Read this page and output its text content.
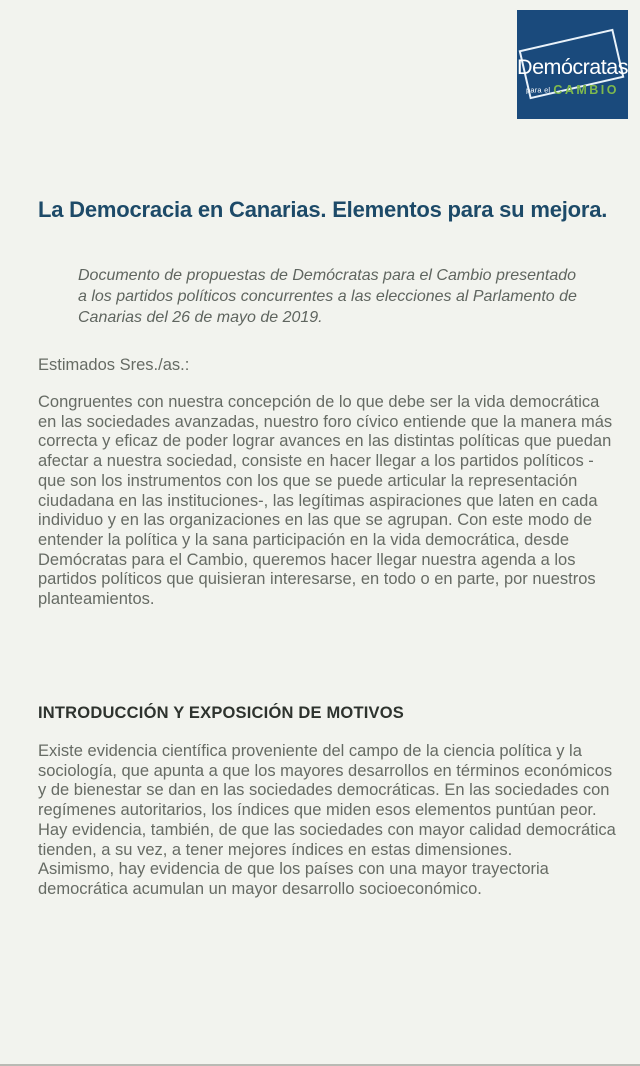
Demócratas
para el CAMBIO
La Democracia en Canarias. Elementos para su mejora.

Documento de propuestas de Demócratas para el Cambio presentado a los partidos políticos concurrentes a las elecciones al Parlamento de Canarias del 26 de mayo de 2019.

Estimados Sres./as.:

Congruentes con nuestra concepción de lo que debe ser la vida democrática en las sociedades avanzadas, nuestro foro cívico entiende que la manera más correcta y eficaz de poder lograr avances en las distintas políticas que puedan afectar a nuestra sociedad, consiste en hacer llegar a los partidos políticos -que son los instrumentos con los que se puede articular la representación ciudadana en las instituciones-, las legítimas aspiraciones que laten en cada individuo y en las organizaciones en las que se agrupan. Con este modo de entender la política y la sana participación en la vida democrática, desde Demócratas para el Cambio, queremos hacer llegar nuestra agenda a los partidos políticos que quisieran interesarse, en todo o en parte, por nuestros planteamientos.

INTRODUCCIÓN Y EXPOSICIÓN DE MOTIVOS

Existe evidencia científica proveniente del campo de la ciencia política y la sociología, que apunta a que los mayores desarrollos en términos económicos y de bienestar se dan en las sociedades democráticas. En las sociedades con regímenes autoritarios, los índices que miden esos elementos puntúan peor.

Hay evidencia, también, de que las sociedades con mayor calidad democrática tienden, a su vez, a tener mejores índices en estas dimensiones.

Asimismo, hay evidencia de que los países con una mayor trayectoria democrática acumulan un mayor desarrollo socioeconómico.
